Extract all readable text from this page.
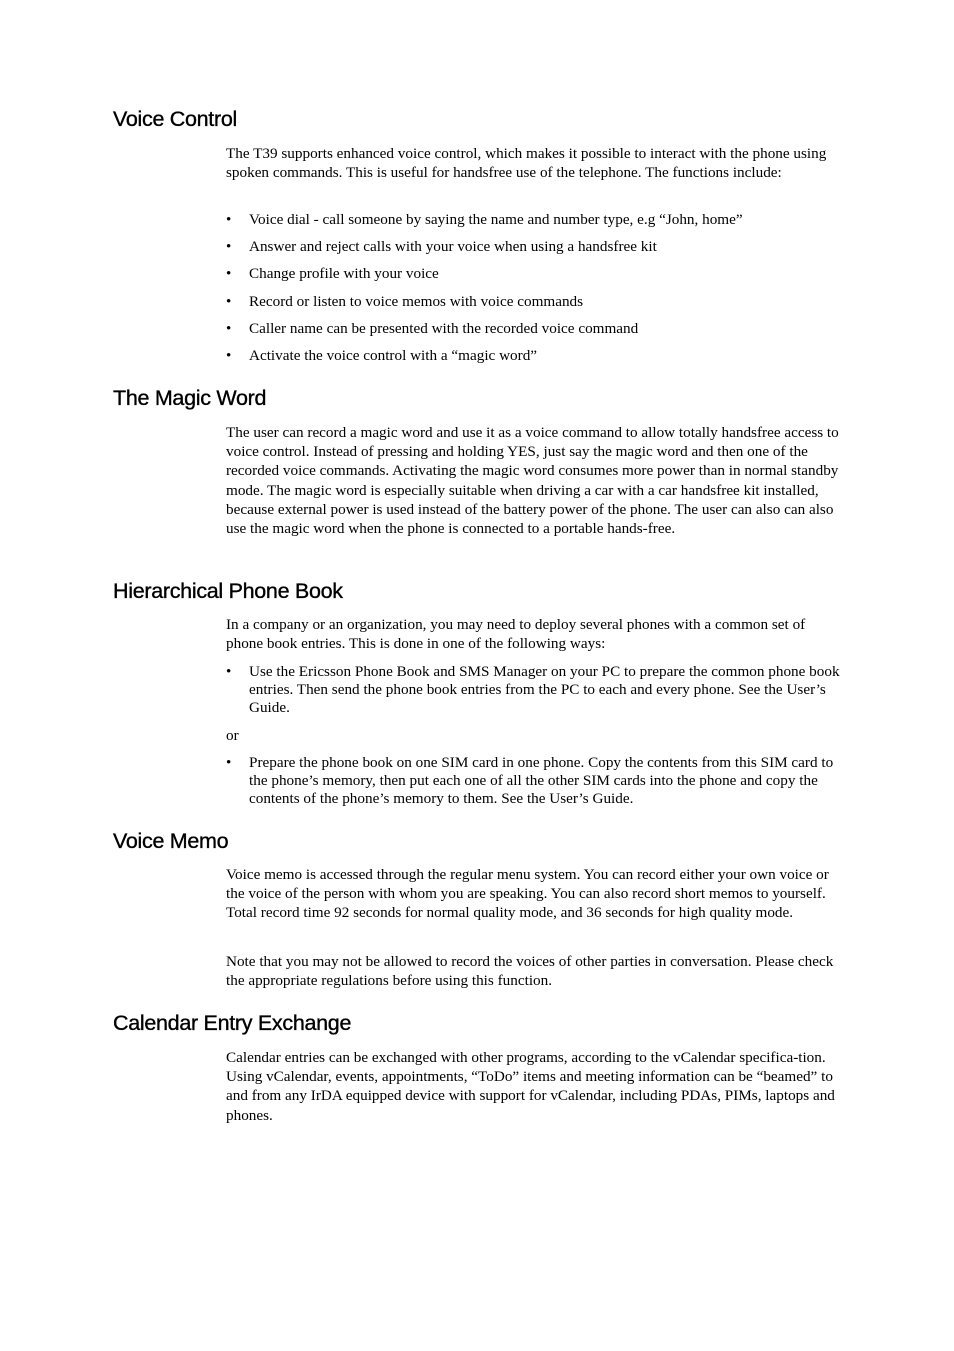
Voice Control

The T39 supports enhanced voice control, which makes it possible to interact with the phone using spoken commands. This is useful for handsfree use of the telephone. The functions include:

• Voice dial - call someone by saying the name and number type, e.g “John, home”
• Answer and reject calls with your voice when using a handsfree kit
• Change profile with your voice
• Record or listen to voice memos with voice commands
• Caller name can be presented with the recorded voice command
• Activate the voice control with a “magic word”
The Magic Word

The user can record a magic word and use it as a voice command to allow totally handsfree access to voice control. Instead of pressing and holding YES, just say the magic word and then one of the recorded voice commands. Activating the magic word consumes more power than in normal standby mode. The magic word is especially suitable when driving a car with a car handsfree kit installed, because external power is used instead of the battery power of the phone. The user can also can also use the magic word when the phone is connected to a portable hands-free.

Hierarchical Phone Book

In a company or an organization, you may need to deploy several phones with a common set of phone book entries. This is done in one of the following ways:

• Use the Ericsson Phone Book and SMS Manager on your PC to prepare the common phone book entries. Then send the phone book entries from the PC to each and every phone. See the User’s Guide.

or

• Prepare the phone book on one SIM card in one phone. Copy the contents from this SIM card to the phone’s memory, then put each one of all the other SIM cards into the phone and copy the contents of the phone’s memory to them. See the User’s Guide.
Voice Memo

Voice memo is accessed through the regular menu system. You can record either your own voice or the voice of the person with whom you are speaking. You can also record short memos to yourself. Total record time 92 seconds for normal quality mode, and 36 seconds for high quality mode.

Note that you may not be allowed to record the voices of other parties in conversation. Please check the appropriate regulations before using this function.

Calendar Entry Exchange

Calendar entries can be exchanged with other programs, according to the vCalendar specifica-tion. Using vCalendar, events, appointments, “ToDo” items and meeting information can be “beamed” to and from any IrDA equipped device with support for vCalendar, including PDAs, PIMs, laptops and phones.
